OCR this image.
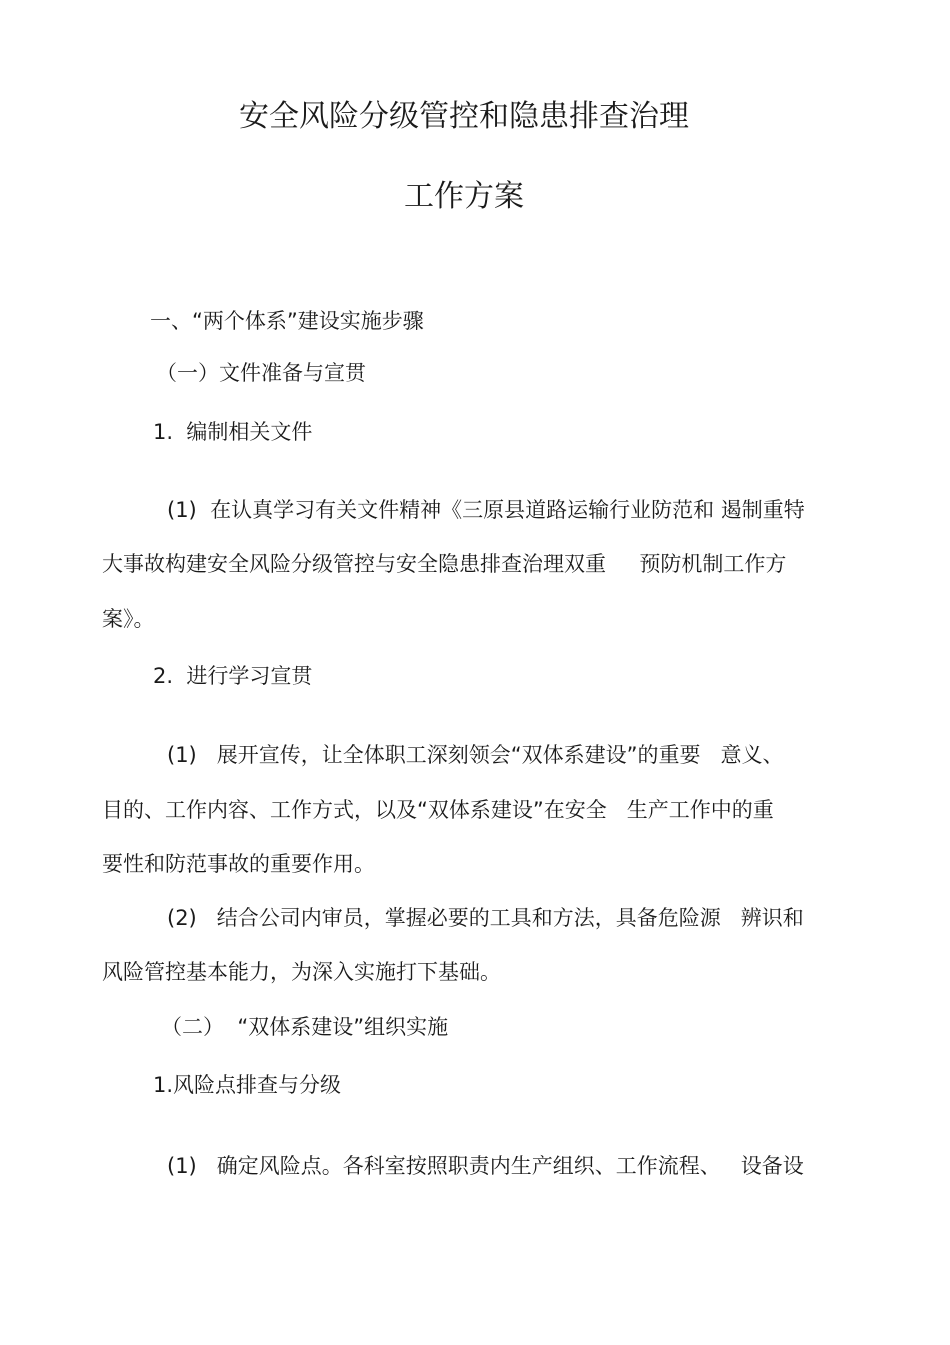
安全风险分级管控和隐患排查治理
工作方案
一、“两个体系”建设实施步骤
（一）文件准备与宣贯
1.  编制相关文件
(1)  在认真学习有关文件精神《三原县道路运输行业防范和 遏制重特
大事故构建安全风险分级管控与安全隐患排查治理双重     预防机制工作方
案》。
2.  进行学习宣贯
(1)   展开宣传，让全体职工深刻领会“双体系建设”的重要   意义、
目的、工作内容、工作方式，以及“双体系建设”在安全   生产工作中的重
要性和防范事故的重要作用。
(2)   结合公司内审员，掌握必要的工具和方法，具备危险源   辨识和
风险管控基本能力，为深入实施打下基础。
（二）  “双体系建设”组织实施
1.风险点排查与分级
(1)   确定风险点。各科室按照职责内生产组织、工作流程、   设备设
